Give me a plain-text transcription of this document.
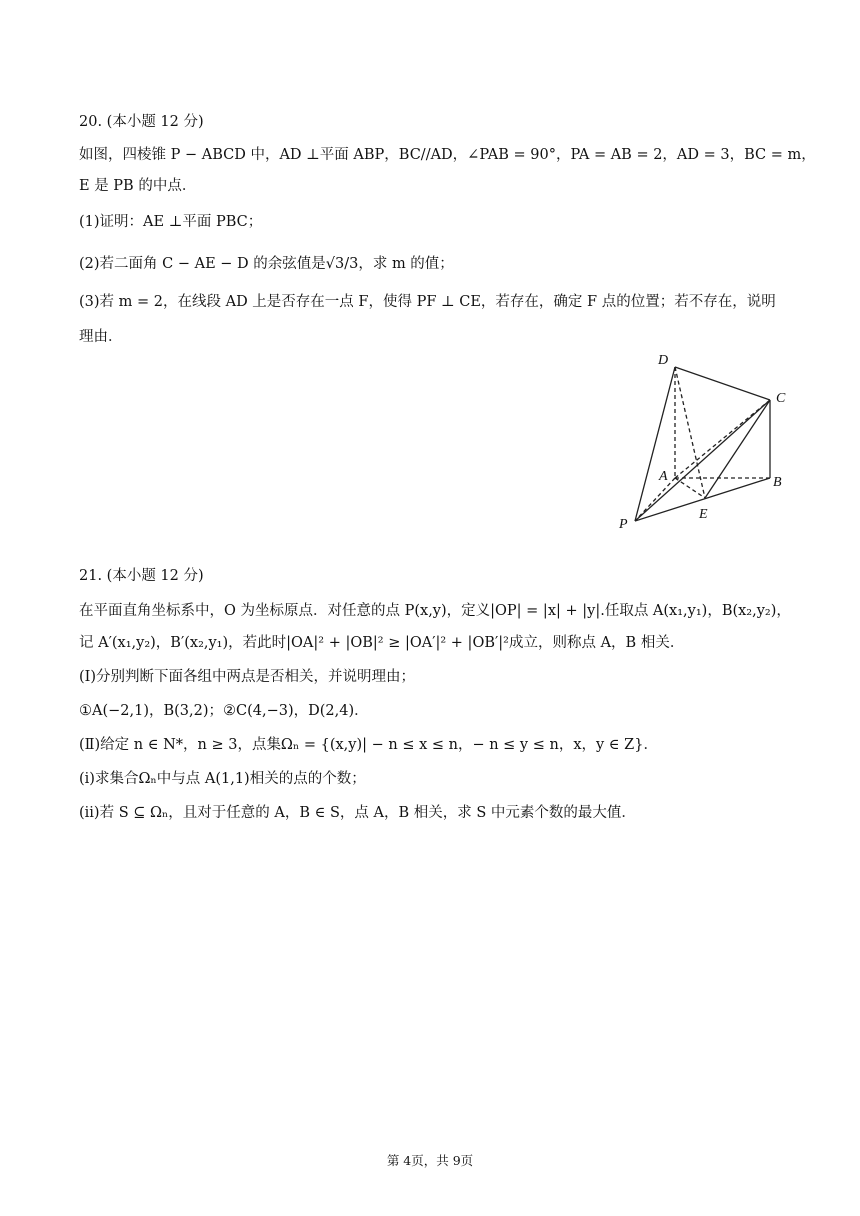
20. (本小题 12 分)
如图，四棱锥 P − ABCD 中，AD ⊥平面 ABP，BC//AD，∠PAB = 90°，PA = AB = 2，AD = 3，BC = m，
E 是 PB 的中点．
(1)证明：AE ⊥平面 PBC；
(2)若二面角 C − AE − D 的余弦值是√3/3，求 m 的值；
(3)若 m = 2，在线段 AD 上是否存在一点 F，使得 PF ⊥ CE，若存在，确定 F 点的位置；若不存在，说明
理由．
D
C
A	B
P
E
21. (本小题 12 分)
在平面直角坐标系中，O 为坐标原点．对任意的点 P(x,y)，定义|OP| = |x| + |y|.任取点 A(x₁,y₁)，B(x₂,y₂)，
记 A′(x₁,y₂)，B′(x₂,y₁)，若此时|OA|² + |OB|² ≥ |OA′|² + |OB′|²成立，则称点 A，B 相关．
(Ⅰ)分别判断下面各组中两点是否相关，并说明理由；
①A(−2,1)，B(3,2)；②C(4,−3)，D(2,4)．
(Ⅱ)给定 n ∈ N*，n ≥ 3，点集Ωₙ = {(x,y)| − n ≤ x ≤ n，− n ≤ y ≤ n，x，y ∈ Z}．
(i)求集合Ωₙ中与点 A(1,1)相关的点的个数；
(ii)若 S ⊆ Ωₙ，且对于任意的 A，B ∈ S，点 A，B 相关，求 S 中元素个数的最大值．
第 4页，共 9页
